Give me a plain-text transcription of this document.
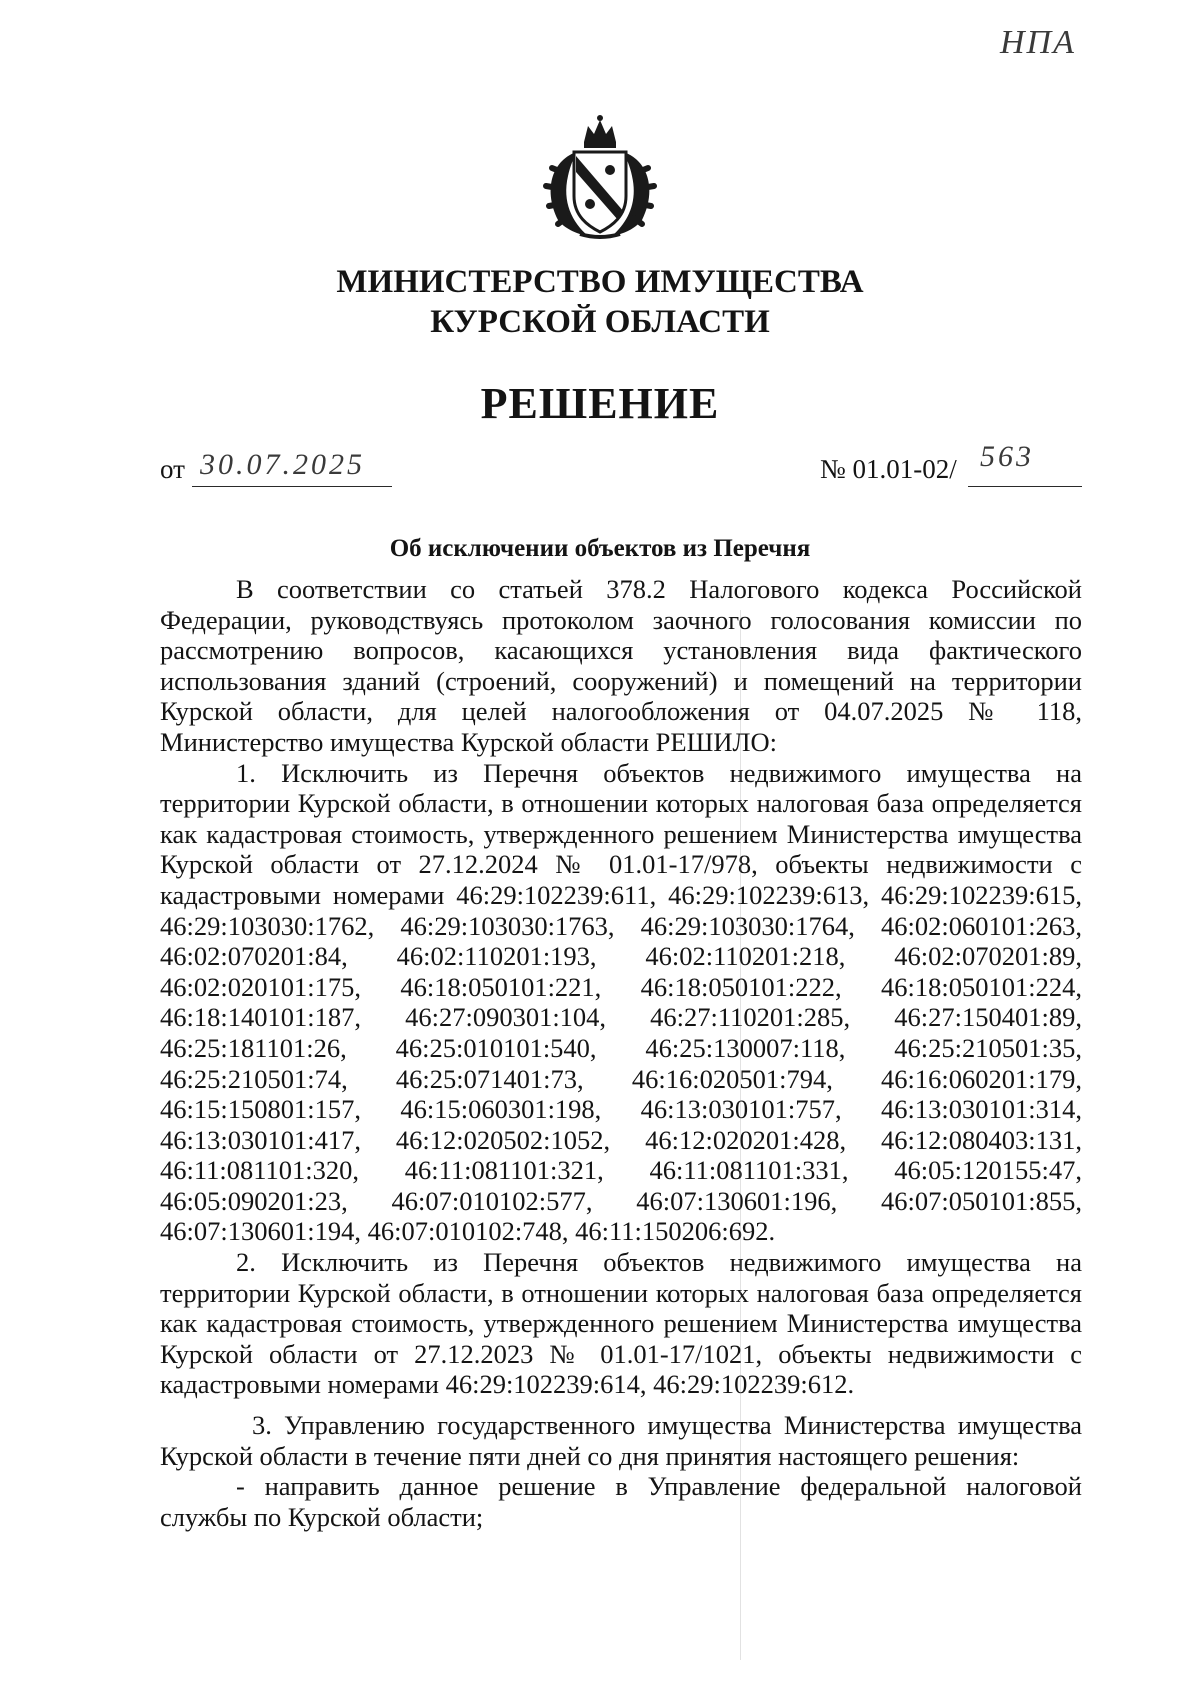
НПА
МИНИСТЕРСТВО ИМУЩЕСТВА
КУРСКОЙ ОБЛАСТИ
РЕШЕНИЕ
от 30.07.2025	№ 01.01-02/ 563
Об исключении объектов из Перечня

В соответствии со статьей 378.2 Налогового кодекса Российской Федерации, руководствуясь протоколом заочного голосования комиссии по рассмотрению вопросов, касающихся установления вида фактического использования зданий (строений, сооружений) и помещений на территории Курской области, для целей налогообложения от 04.07.2025 № 118, Министерство имущества Курской области РЕШИЛО:

1. Исключить из Перечня объектов недвижимого имущества на территории Курской области, в отношении которых налоговая база определяется как кадастровая стоимость, утвержденного решением Министерства имущества Курской области от 27.12.2024 № 01.01-17/978, объекты недвижимости с кадастровыми номерами 46:29:102239:611, 46:29:102239:613, 46:29:102239:615, 46:29:103030:1762, 46:29:103030:1763, 46:29:103030:1764, 46:02:060101:263, 46:02:070201:84, 46:02:110201:193, 46:02:110201:218, 46:02:070201:89, 46:02:020101:175, 46:18:050101:221, 46:18:050101:222, 46:18:050101:224, 46:18:140101:187, 46:27:090301:104, 46:27:110201:285, 46:27:150401:89, 46:25:181101:26, 46:25:010101:540, 46:25:130007:118, 46:25:210501:35, 46:25:210501:74, 46:25:071401:73, 46:16:020501:794, 46:16:060201:179, 46:15:150801:157, 46:15:060301:198, 46:13:030101:757, 46:13:030101:314, 46:13:030101:417, 46:12:020502:1052, 46:12:020201:428, 46:12:080403:131, 46:11:081101:320, 46:11:081101:321, 46:11:081101:331, 46:05:120155:47, 46:05:090201:23, 46:07:010102:577, 46:07:130601:196, 46:07:050101:855, 46:07:130601:194, 46:07:010102:748, 46:11:150206:692.

2. Исключить из Перечня объектов недвижимого имущества на территории Курской области, в отношении которых налоговая база определяется как кадастровая стоимость, утвержденного решением Министерства имущества Курской области от 27.12.2023 № 01.01-17/1021, объекты недвижимости с кадастровыми номерами 46:29:102239:614, 46:29:102239:612.

3. Управлению государственного имущества Министерства имущества Курской области в течение пяти дней со дня принятия настоящего решения:

- направить данное решение в Управление федеральной налоговой службы по Курской области;
